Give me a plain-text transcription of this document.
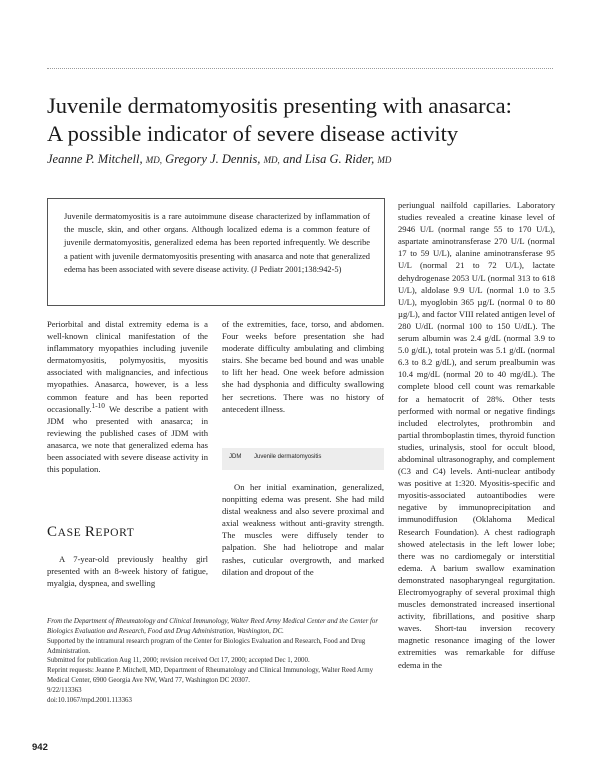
Juvenile dermatomyositis presenting with anasarca:
A possible indicator of severe disease activity
Jeanne P. Mitchell, MD, Gregory J. Dennis, MD, and Lisa G. Rider, MD

Juvenile dermatomyositis is a rare autoimmune disease characterized by inflammation of the muscle, skin, and other organs. Although localized edema is a common feature of juvenile dermatomyositis, generalized edema has been reported infrequently. We describe a patient with juvenile dermatomyositis presenting with anasarca and note that generalized edema has been associated with severe disease activity. (J Pediatr 2001;138:942-5)

Periorbital and distal extremity edema is a well-known clinical manifestation of the inflammatory myopathies including juvenile dermatomyositis, polymyositis, myositis associated with malignancies, and infectious myopathies. Anasarca, however, is a less common feature and has been reported occasionally.$^{1-10}$ We describe a patient with JDM who presented with anasarca; in reviewing the published cases of JDM with anasarca, we note that generalized edema has been associated with severe disease activity in this population.

CASE REPORT

A 7-year-old previously healthy girl presented with an 8-week history of fatigue, myalgia, dyspnea, and swelling

of the extremities, face, torso, and abdomen. Four weeks before presentation she had moderate difficulty ambulating and climbing stairs. She became bed bound and was unable to lift her head. One week before admission she had dysphonia and difficulty swallowing her secretions. There was no history of antecedent illness.

JDM Juvenile dermatomyositis

On her initial examination, generalized, nonpitting edema was present. She had mild distal weakness and also severe proximal and axial weakness without anti-gravity strength. The muscles were diffusely tender to palpation. She had heliotrope and malar rashes, cuticular overgrowth, and marked dilation and dropout of the

periungual nailfold capillaries. Laboratory studies revealed a creatine kinase level of 2946 U/L (normal range 55 to 170 U/L), aspartate aminotransferase 270 U/L (normal 17 to 59 U/L), alanine aminotransferase 95 U/L (normal 21 to 72 U/L), lactate dehydrogenase 2053 U/L (normal 313 to 618 U/L), aldolase 9.9 U/L (normal 1.0 to 3.5 U/L), myoglobin 365 µg/L (normal 0 to 80 µg/L), and factor VIII related antigen level of 280 U/dL (normal 100 to 150 U/dL). The serum albumin was 2.4 g/dL (normal 3.9 to 5.0 g/dL), total protein was 5.1 g/dL (normal 6.3 to 8.2 g/dL), and serum prealbumin was 10.4 mg/dL (normal 20 to 40 mg/dL). The complete blood cell count was remarkable for a hematocrit of 28%. Other tests performed with normal or negative findings included electrolytes, prothrombin and partial thromboplastin times, thyroid function studies, urinalysis, stool for occult blood, abdominal ultrasonography, and complement (C3 and C4) levels. Anti-nuclear antibody was positive at 1:320. Myositis-specific and myositis-associated autoantibodies were negative by immunoprecipitation and immunodiffusion (Oklahoma Medical Research Foundation). A chest radiograph showed atelectasis in the left lower lobe; there was no cardiomegaly or interstitial edema. A barium swallow examination demonstrated nasopharyngeal regurgitation. Electromyography of several proximal thigh muscles demonstrated increased insertional activity, fibrillations, and positive sharp waves. Short-tau inversion recovery magnetic resonance imaging of the lower extremities was remarkable for diffuse edema in the

From the Department of Rheumatology and Clinical Immunology, Walter Reed Army Medical Center and the Center for Biologics Evaluation and Research, Food and Drug Administration, Washington, DC.

Supported by the intramural research program of the Center for Biologics Evaluation and Research, Food and Drug Administration.

Submitted for publication Aug 11, 2000; revision received Oct 17, 2000; accepted Dec 1, 2000.

Reprint requests: Jeanne P. Mitchell, MD, Department of Rheumatology and Clinical Immunology, Walter Reed Army Medical Center, 6900 Georgia Ave NW, Ward 77, Washington DC 20307.

9/22/113363

doi:10.1067/mpd.2001.113363

942
